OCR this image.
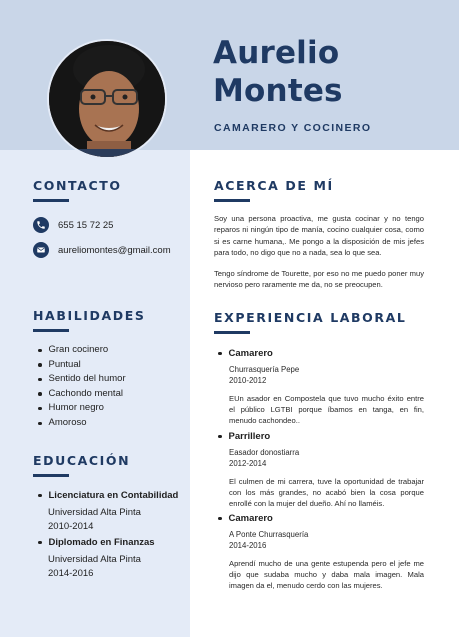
Aurelio
Montes
CAMARERO Y COCINERO
CONTACTO
655 15 72 25
aureliomontes@gmail.com
HABILIDADES
Gran cocinero
Puntual
Sentido del humor
Cachondo mental
Humor negro
Amoroso
EDUCACIÓN
Licenciatura en Contabilidad
Universidad Alta Pinta
2010-2014
Diplomado en Finanzas
Universidad Alta Pinta
2014-2016
ACERCA DE MÍ
Soy una persona proactiva, me gusta cocinar y no tengo reparos ni ningún tipo de manía, cocino cualquier cosa, como si es carne humana,. Me pongo a la disposición de mis jefes para todo, no digo que no a nada, sea lo que sea.
Tengo síndrome de Tourette, por eso no me puedo poner muy nervioso pero raramente me da, no se preocupen.
EXPERIENCIA LABORAL
Camarero
Churrasquería Pepe
2010-2012
EUn asador en Compostela que tuvo mucho éxito entre el público LGTBI porque íbamos en tanga, en fin, menudo cachondeo..
Parrillero
Easador donostiarra
2012-2014
El culmen de mi carrera, tuve la oportunidad de trabajar con los más grandes, no acabó bien la cosa porque enrollé con la mujer del dueño. Ahí no llaméis.
Camarero
A Ponte Churrasquería
2014-2016
Aprendí mucho de una gente estupenda pero el jefe me dijo que sudaba mucho y daba mala imagen. Mala imagen da el, menudo cerdo con las mujeres.
